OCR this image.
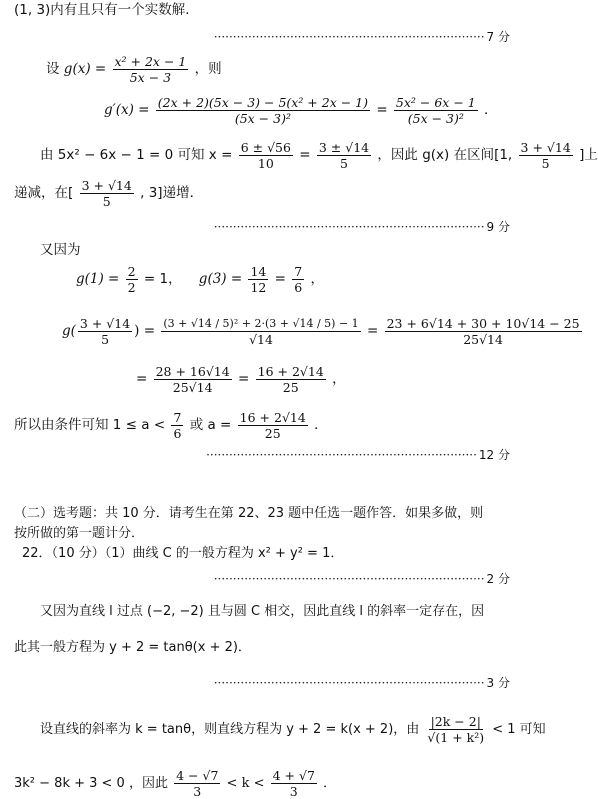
(1, 3)内有且只有一个实数解．
······································································· 7 分
设 $g(x) = \frac{\text{x² + 2x − 1}}{5x - 3}$ ，则
$g'(x) = \frac{\text{(2x + 2)(5x − 3) − 5(x² + 2x − 1)}}{\text{(5x − 3)²}} = \frac{\text{5x² − 6x − 1}}{\text{(5x − 3)²}}$ ．
由 5x² − 6x − 1 = 0 可知 $x = \frac{6 \pm √56}{10} = \frac{3 \pm √14}{5}$ ，因此 g(x) 在区间[1, $\frac{3 + √14}{5}$ ]上
递减，在[ $\frac{3 + √14}{5}$ , 3]递增．
······································································· 9 分
又因为
$g(1) = \frac{2}{2} = 1$， $g(3) = \frac{14}{12} = \frac{7}{6}$ ，
$g( \frac{3 + √14}{5}$ ) = $\frac{\text{(3 + √14 / 5)² + 2·(3 + √14 / 5) − 1}}{√14} = \frac{23 + 6√14 + 30 + 10√14 - 25}{25√14}$
= $\frac{28 + 16√14}{25√14} = \frac{16 + 2√14}{25}$ ，
所以由条件可知 $1 \le a < \frac{7}{6}$ 或 $a = \frac{16 + 2√14}{25}$ ．
······································································· 12 分
（二）选考题：共 10 分．请考生在第 22、23 题中任选一题作答．如果多做，则
按所做的第一题计分．
22．（10 分）（1）曲线 C 的一般方程为 x² + y² = 1．
······································································· 2 分
又因为直线 l 过点 (−2, −2) 且与圆 C 相交，因此直线 l 的斜率一定存在，因
此其一般方程为 y + 2 = tanθ(x + 2)．
······································································· 3 分
设直线的斜率为 k = tanθ，则直线方程为 y + 2 = k(x + 2)，由 $\frac{|2k - 2|}{\text{√(1 + k²)}} < 1$ 可知
3k² − 8k + 3 < 0 ，因此 $\frac{4 - √7}{3} < k < \frac{4 + √7}{3}$ ．
